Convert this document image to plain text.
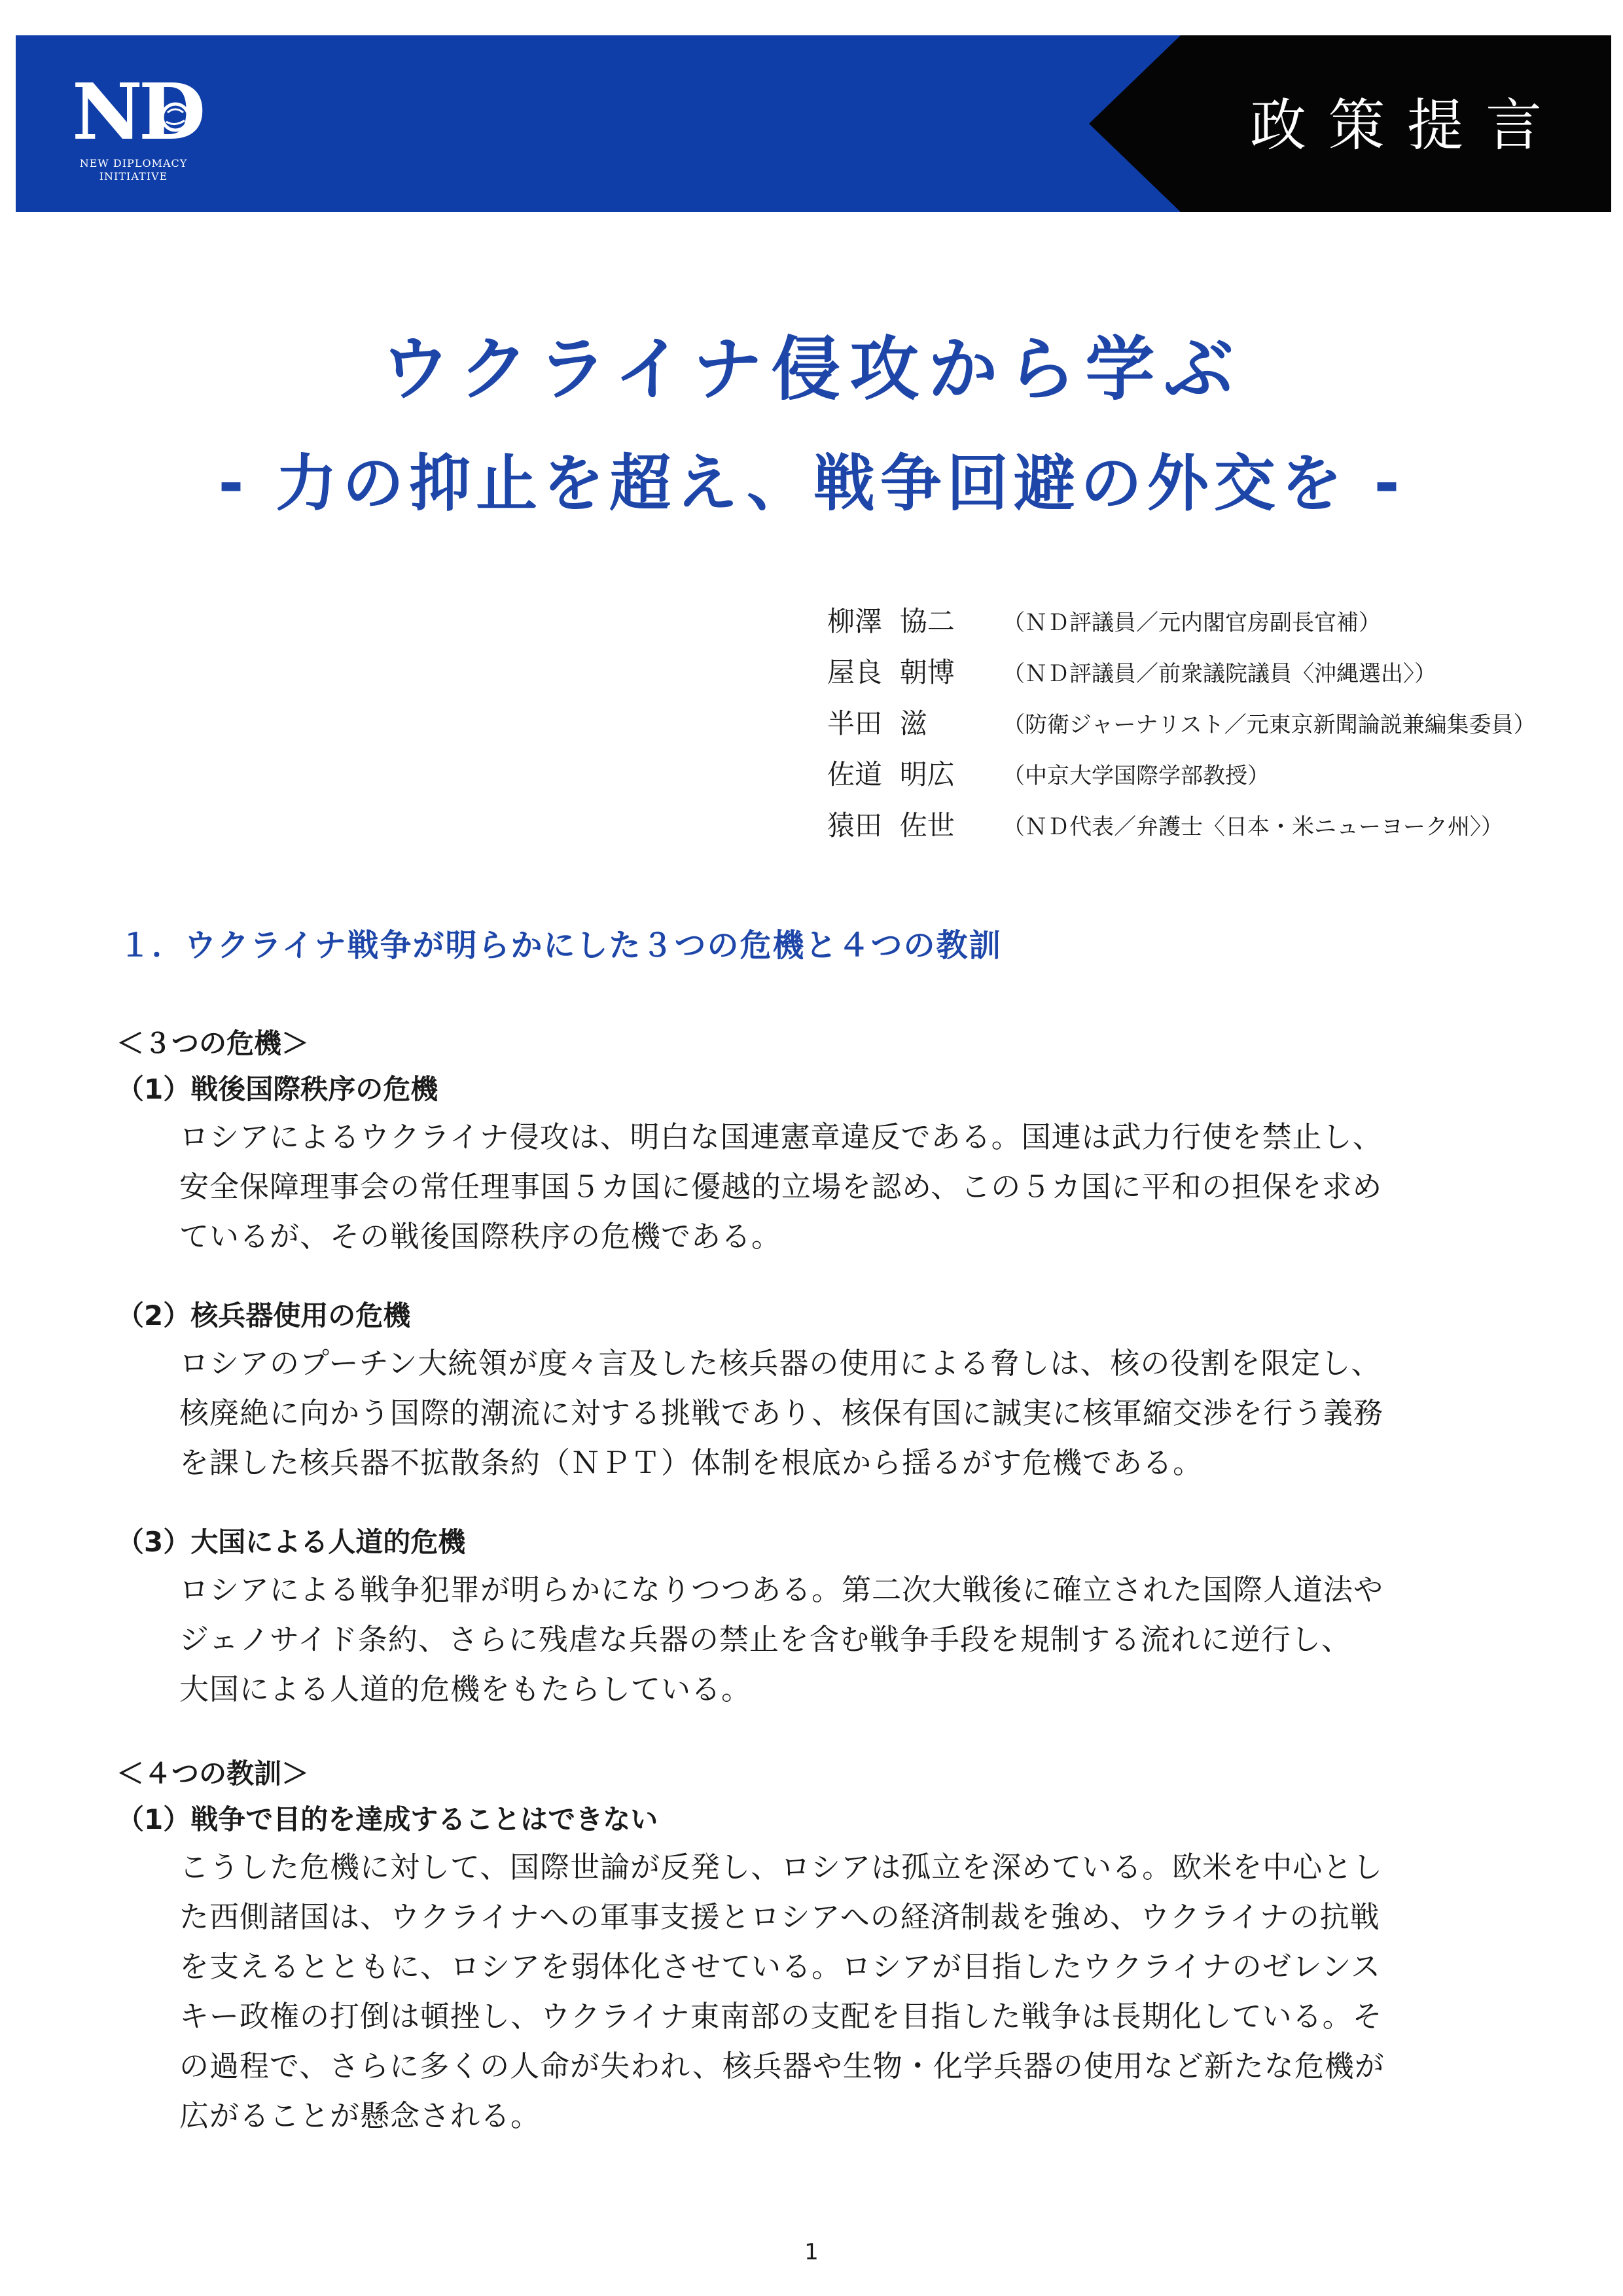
ND
NEW DIPLOMACY
INITIATIVE
政策提言
ウクライナ侵攻から学ぶ
- 力の抑止を超え、戦争回避の外交を -
柳澤  協二 （ＮＤ評議員／元内閣官房副長官補）
屋良  朝博 （ＮＤ評議員／前衆議院議員〈沖縄選出〉）
半田  滋	（防衛ジャーナリスト／元東京新聞論説兼編集委員）
佐道  明広 （中京大学国際学部教授）
猿田  佐世 （ＮＤ代表／弁護士〈日本・米ニューヨーク州〉）
１．ウクライナ戦争が明らかにした３つの危機と４つの教訓
＜３つの危機＞
（1）戦後国際秩序の危機
ロシアによるウクライナ侵攻は、明白な国連憲章違反である。国連は武力行使を禁止し、
安全保障理事会の常任理事国５カ国に優越的立場を認め、この５カ国に平和の担保を求め
ているが、その戦後国際秩序の危機である。
（2）核兵器使用の危機
ロシアのプーチン大統領が度々言及した核兵器の使用による脅しは、核の役割を限定し、
核廃絶に向かう国際的潮流に対する挑戦であり、核保有国に誠実に核軍縮交渉を行う義務
を課した核兵器不拡散条約（ＮＰＴ）体制を根底から揺るがす危機である。
（3）大国による人道的危機
ロシアによる戦争犯罪が明らかになりつつある。第二次大戦後に確立された国際人道法や
ジェノサイド条約、さらに残虐な兵器の禁止を含む戦争手段を規制する流れに逆行し、
大国による人道的危機をもたらしている。
＜４つの教訓＞
（1）戦争で目的を達成することはできない
こうした危機に対して、国際世論が反発し、ロシアは孤立を深めている。欧米を中心とし
た西側諸国は、ウクライナへの軍事支援とロシアへの経済制裁を強め、ウクライナの抗戦
を支えるとともに、ロシアを弱体化させている。ロシアが目指したウクライナのゼレンス
キー政権の打倒は頓挫し、ウクライナ東南部の支配を目指した戦争は長期化している。そ
の過程で、さらに多くの人命が失われ、核兵器や生物・化学兵器の使用など新たな危機が
広がることが懸念される。
1
